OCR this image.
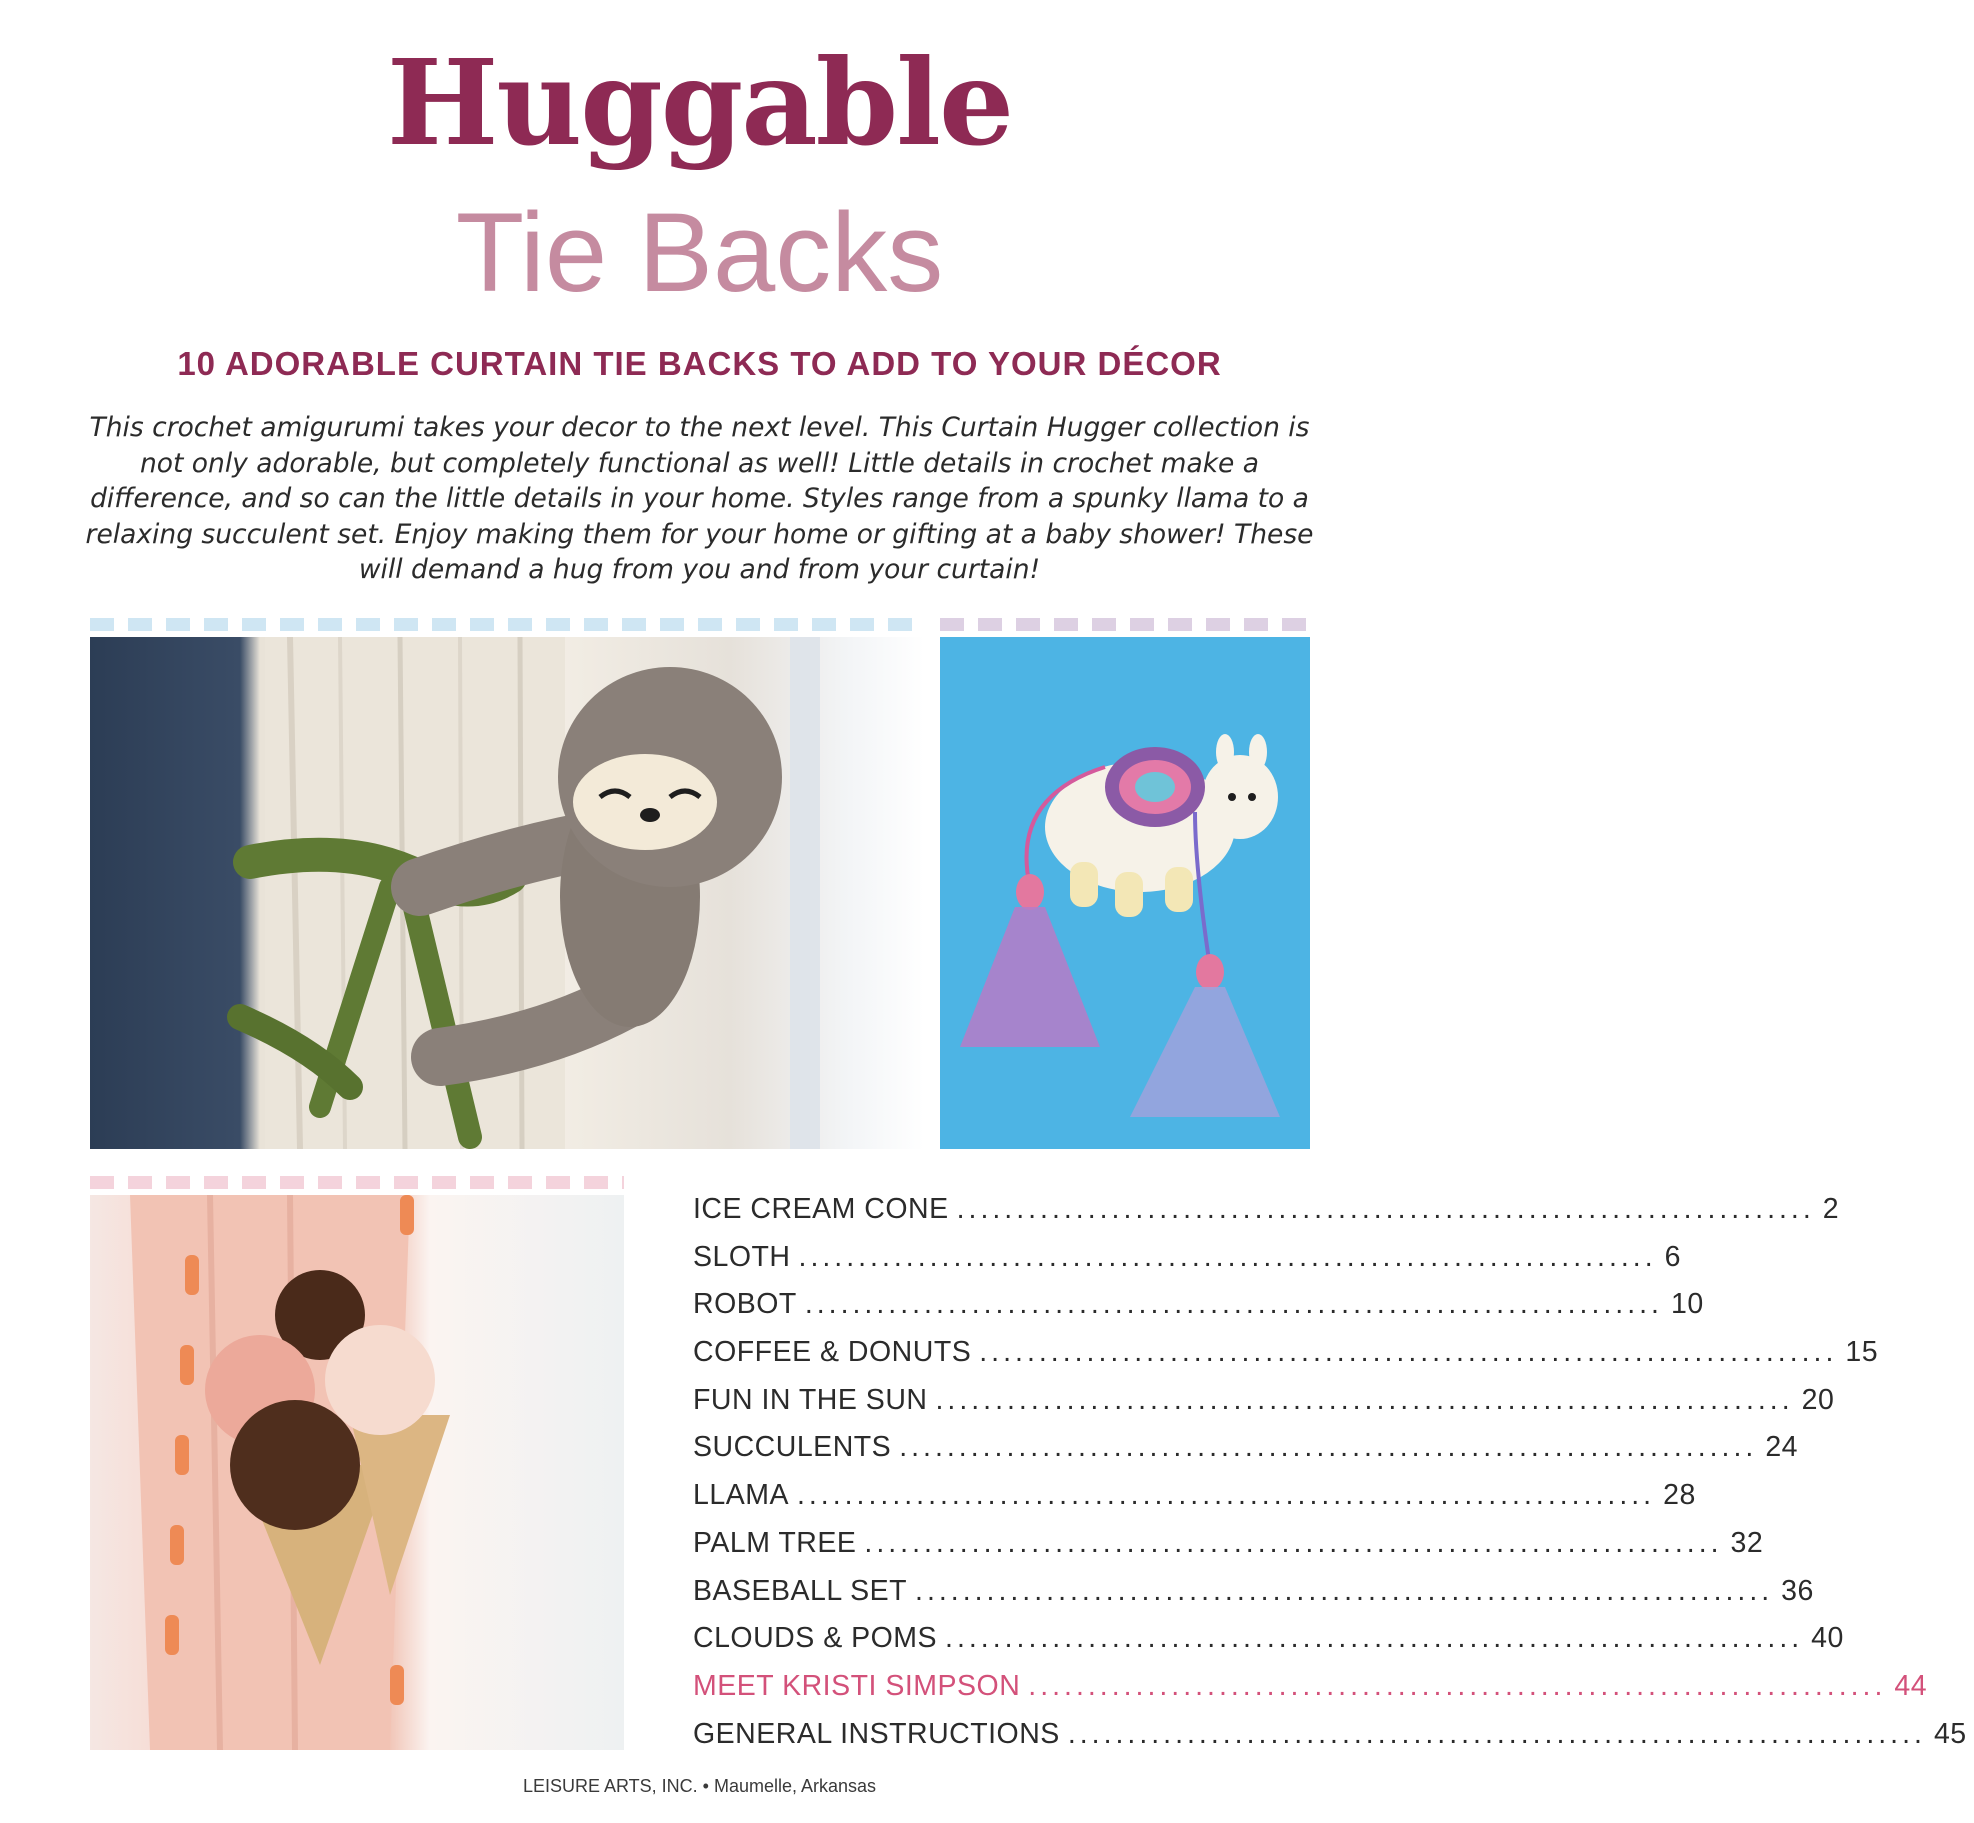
Huggable
Tie Backs
10 ADORABLE CURTAIN TIE BACKS TO ADD TO YOUR DÉCOR
This crochet amigurumi takes your decor to the next level. This Curtain Hugger collection is not only adorable, but completely functional as well! Little details in crochet make a difference, and so can the little details in your home. Styles range from a spunky llama to a relaxing succulent set. Enjoy making them for your home or gifting at a baby shower! These will demand a hug from you and from your curtain!
ICE CREAM CONE ........................................................................ 2
SLOTH ........................................................................ 6
ROBOT ........................................................................ 10
COFFEE & DONUTS ........................................................................ 15
FUN IN THE SUN ........................................................................ 20
SUCCULENTS ........................................................................ 24
LLAMA ........................................................................ 28
PALM TREE ........................................................................ 32
BASEBALL SET ........................................................................ 36
CLOUDS & POMS ........................................................................ 40
MEET KRISTI SIMPSON ........................................................................ 44
GENERAL INSTRUCTIONS ........................................................................ 45
LEISURE ARTS, INC. • Maumelle, Arkansas
